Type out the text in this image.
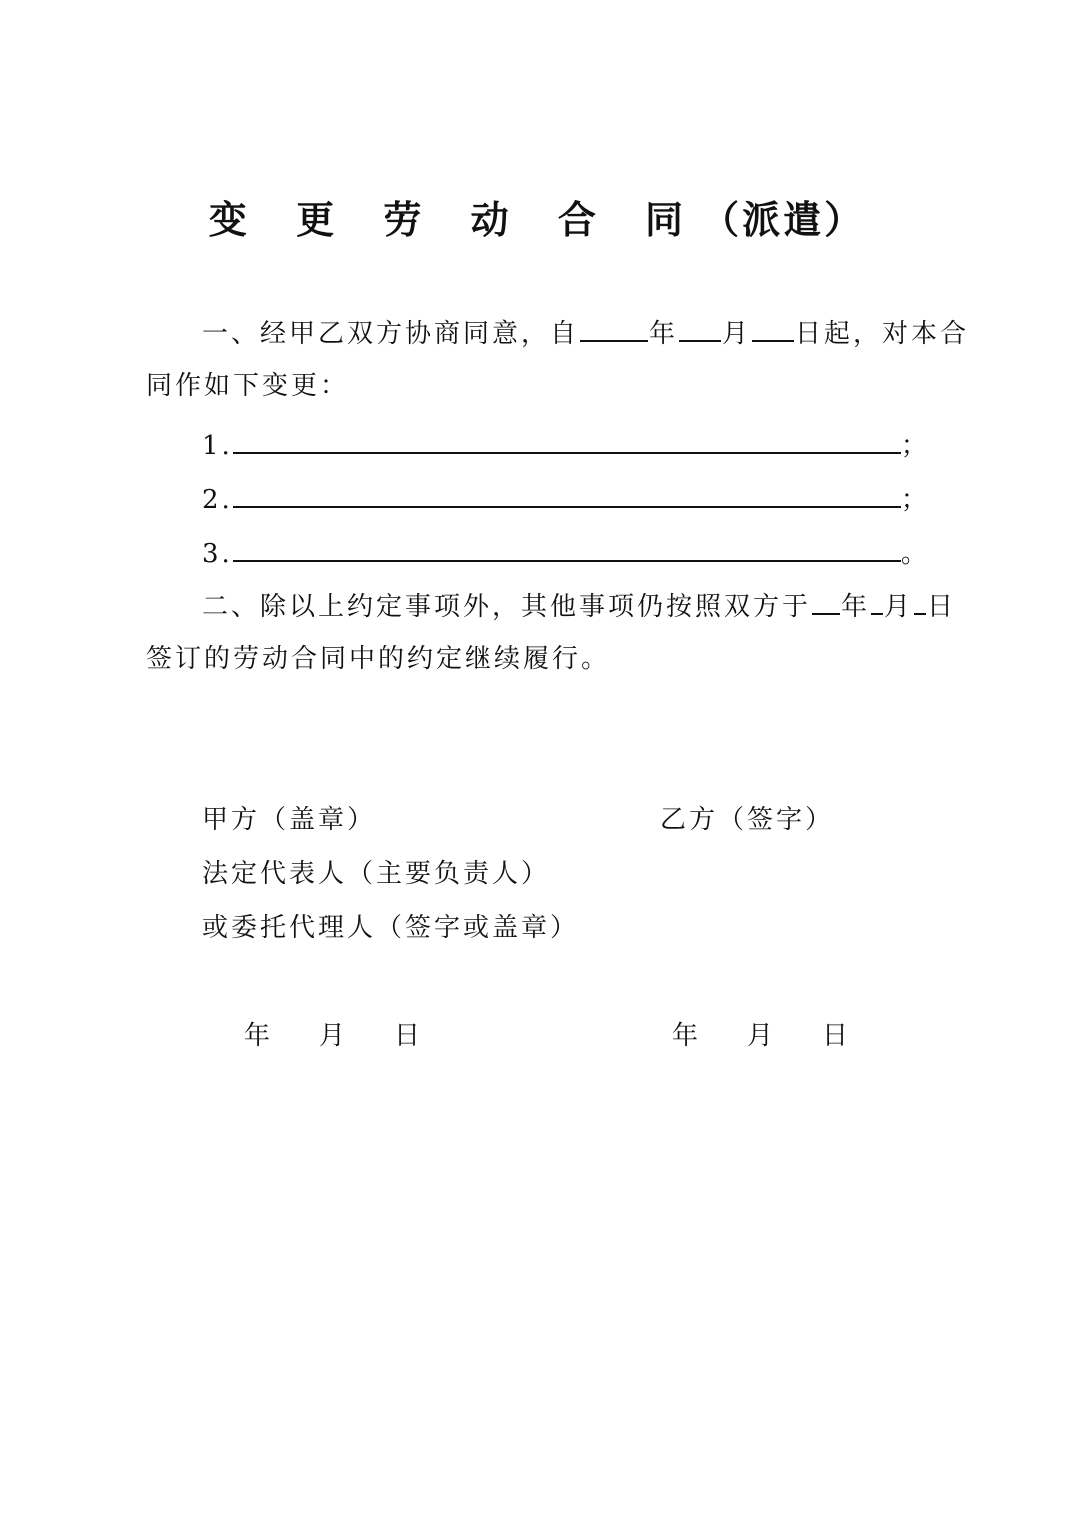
变 更 劳 动 合 同（派遣）
一、经甲乙双方协商同意，自	年 月 日起，对本合
同作如下变更：
1.	；
2.	；
3.	。
二、除以上约定事项外，其他事项仍按照双方于 年 月 日
签订的劳动合同中的约定继续履行。
甲方（盖章）	乙方（签字）
法定代表人（主要负责人）
或委托代理人（签字或盖章）
年 月 日	年 月 日
